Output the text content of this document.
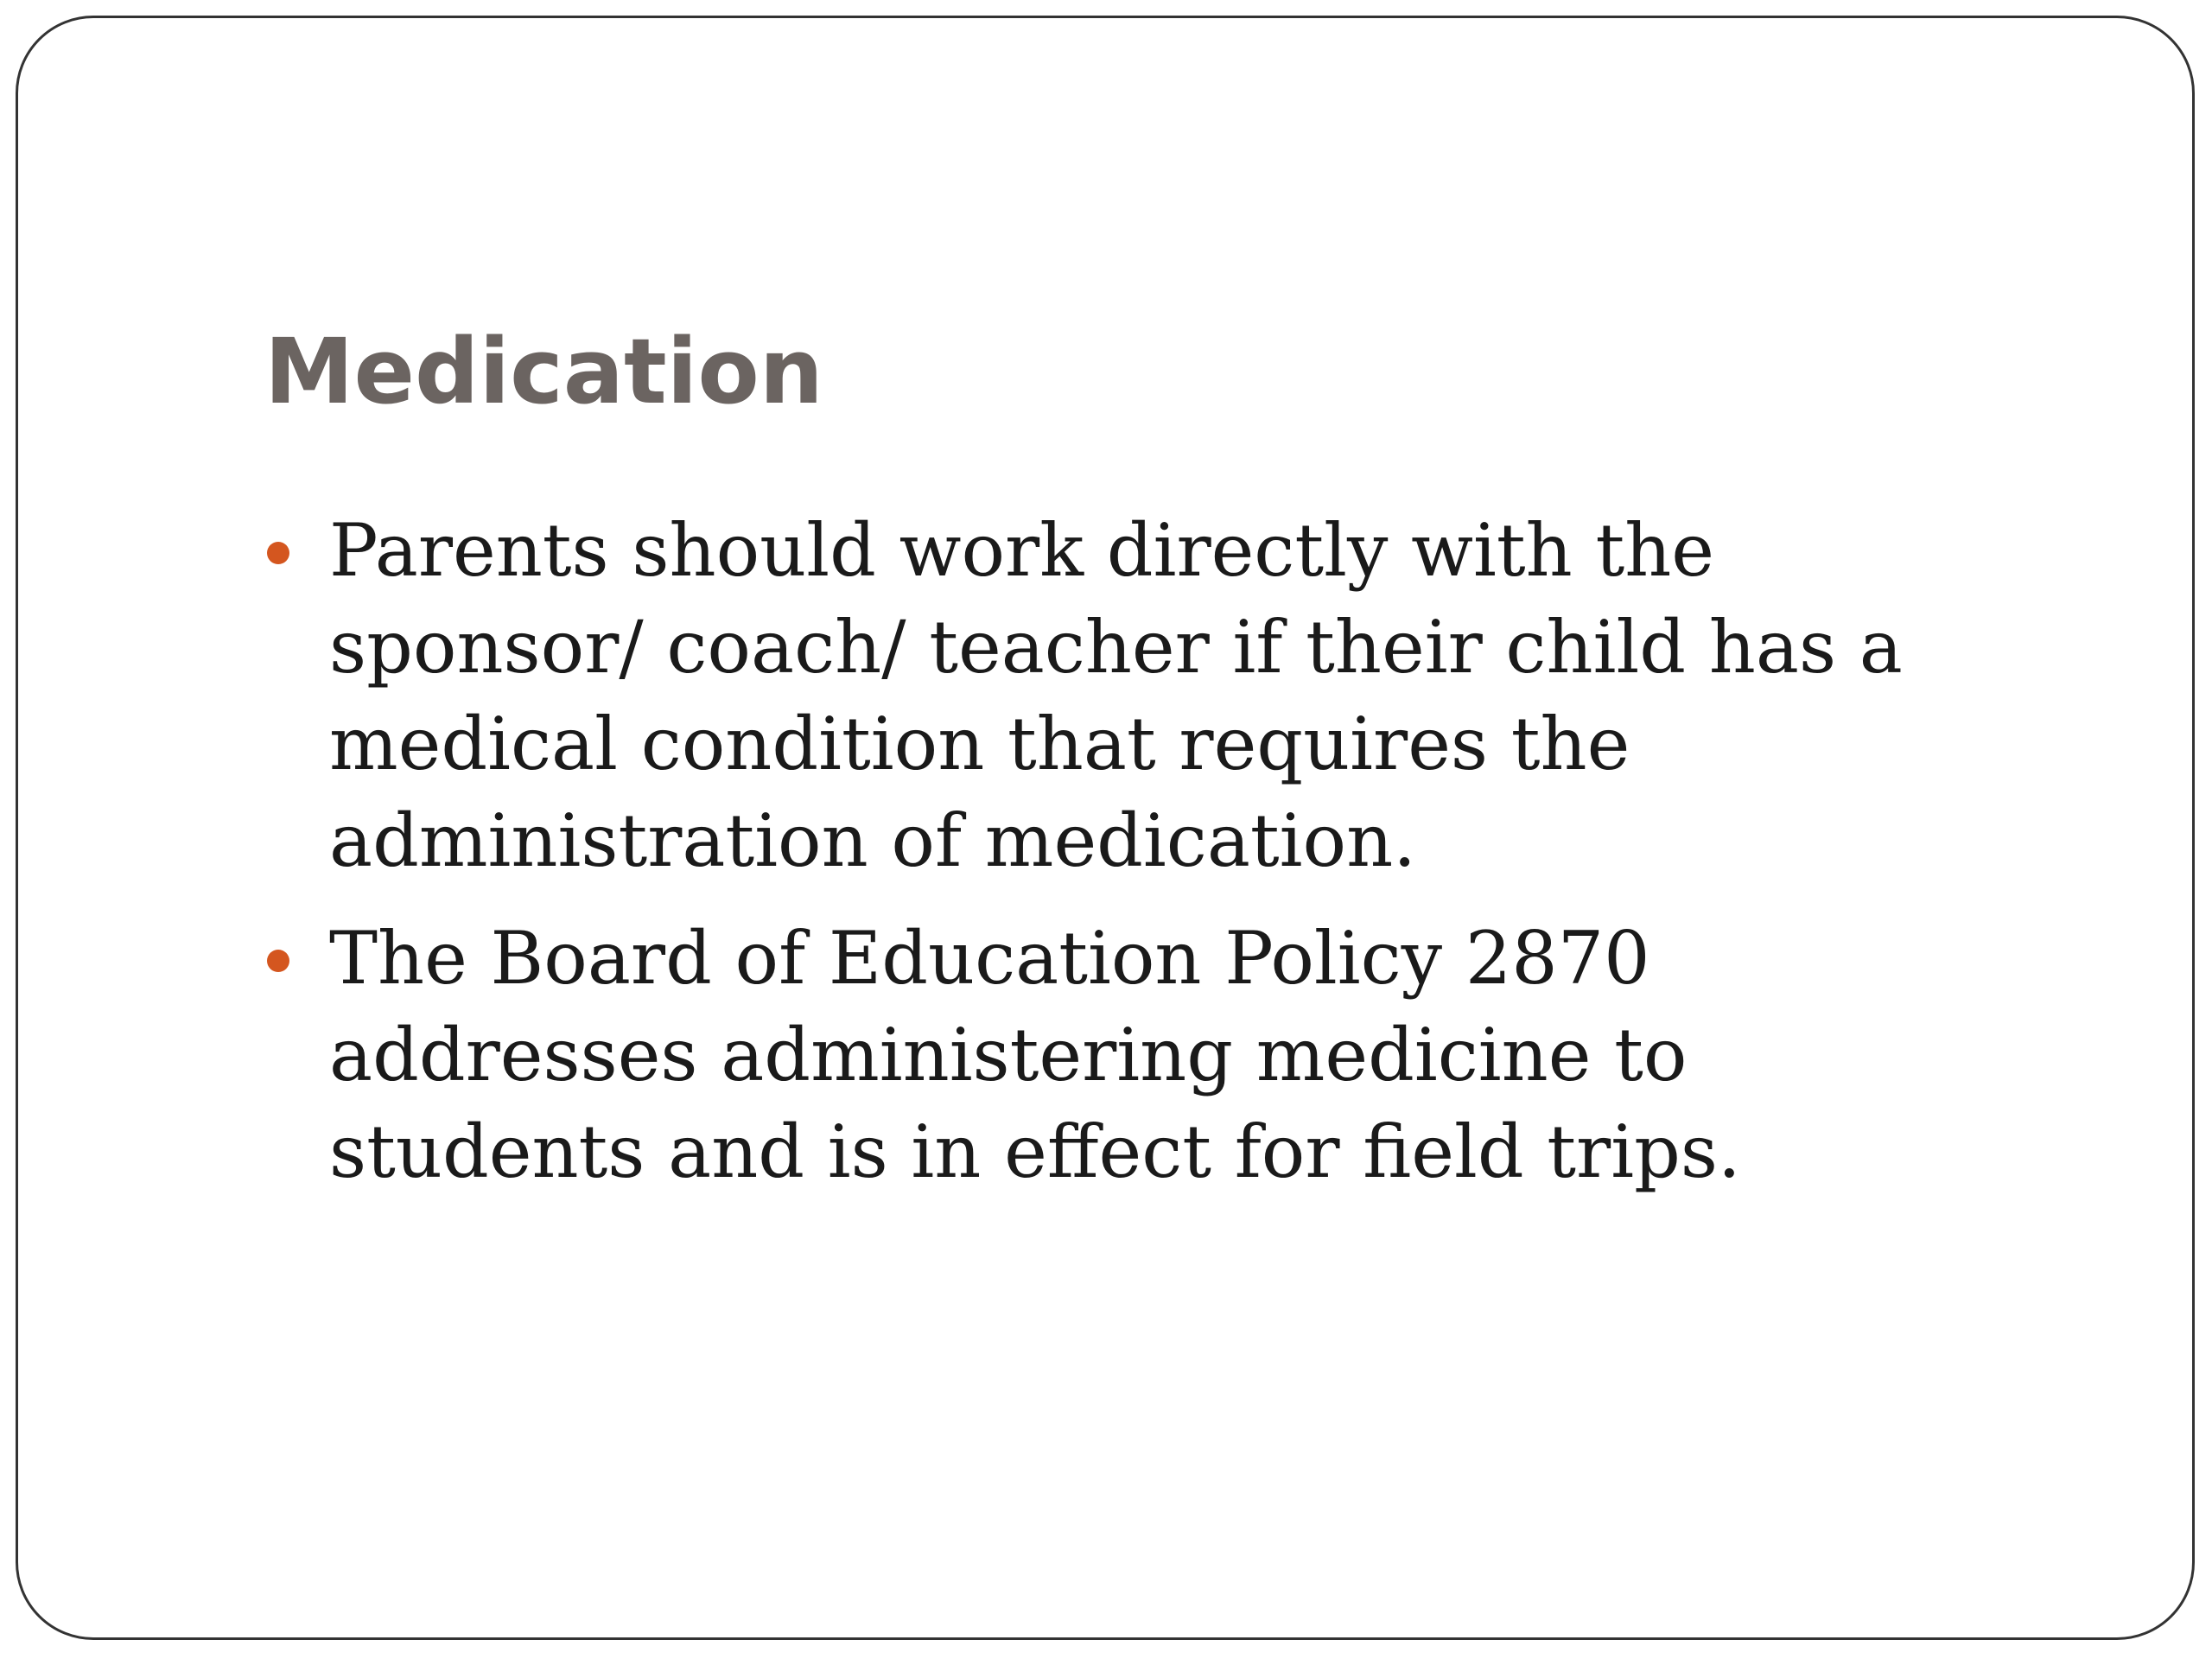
Medication
Parents should work directly with the sponsor/ coach/ teacher if their child has a medical condition that requires the administration of medication.
The Board of Education Policy 2870 addresses administering medicine to students and is in effect for field trips.
